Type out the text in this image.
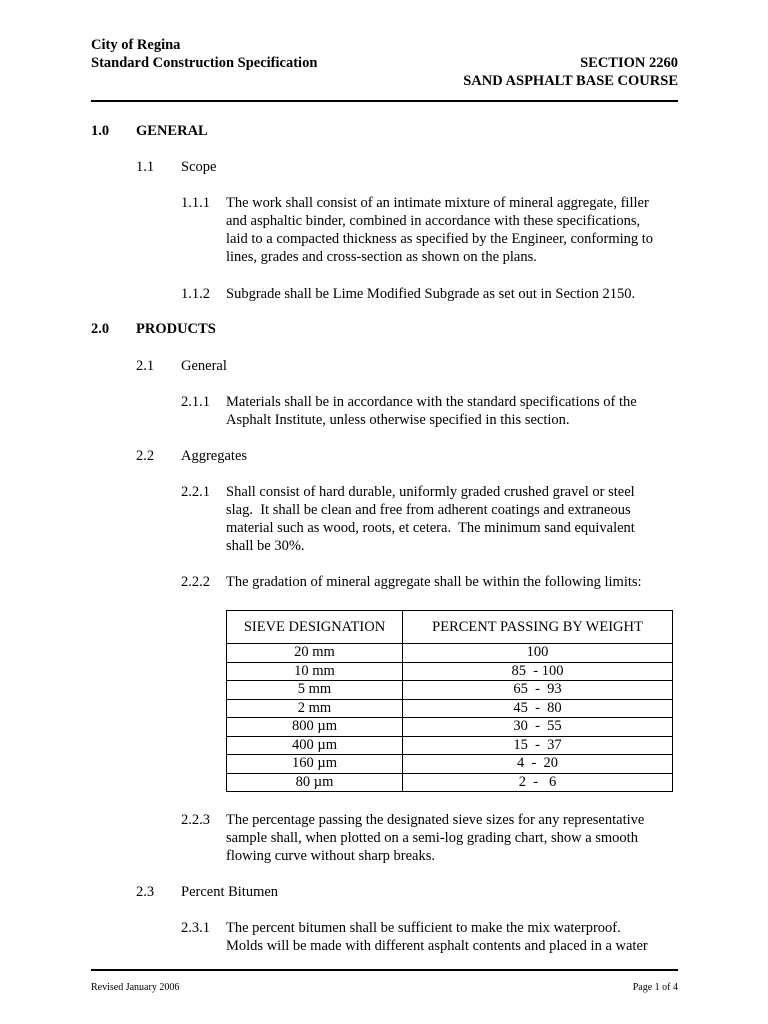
City of Regina
Standard Construction Specification	SECTION 2260
SAND ASPHALT BASE COURSE
1.0 GENERAL
1.1 Scope
1.1.1 The work shall consist of an intimate mixture of mineral aggregate, filler
and asphaltic binder, combined in accordance with these specifications,
laid to a compacted thickness as specified by the Engineer, conforming to
lines, grades and cross-section as shown on the plans.
1.1.2 Subgrade shall be Lime Modified Subgrade as set out in Section 2150.
2.0 PRODUCTS
2.1 General
2.1.1 Materials shall be in accordance with the standard specifications of the
Asphalt Institute, unless otherwise specified in this section.
2.2 Aggregates
2.2.1 Shall consist of hard durable, uniformly graded crushed gravel or steel
slag.  It shall be clean and free from adherent coatings and extraneous
material such as wood, roots, et cetera.  The minimum sand equivalent
shall be 30%.
2.2.2 The gradation of mineral aggregate shall be within the following limits:
SIEVE DESIGNATION	PERCENT PASSING BY WEIGHT
20 mm	100
10 mm	85  - 100
5 mm	65  -  93
2 mm	45  -  80
800 µm	30  -  55
400 µm	15  -  37
160 µm	4  -  20
80 µm	2  -   6
2.2.3 The percentage passing the designated sieve sizes for any representative
sample shall, when plotted on a semi-log grading chart, show a smooth
flowing curve without sharp breaks.
2.3 Percent Bitumen
2.3.1 The percent bitumen shall be sufficient to make the mix waterproof.
Molds will be made with different asphalt contents and placed in a water
Revised January 2006	Page 1 of 4
